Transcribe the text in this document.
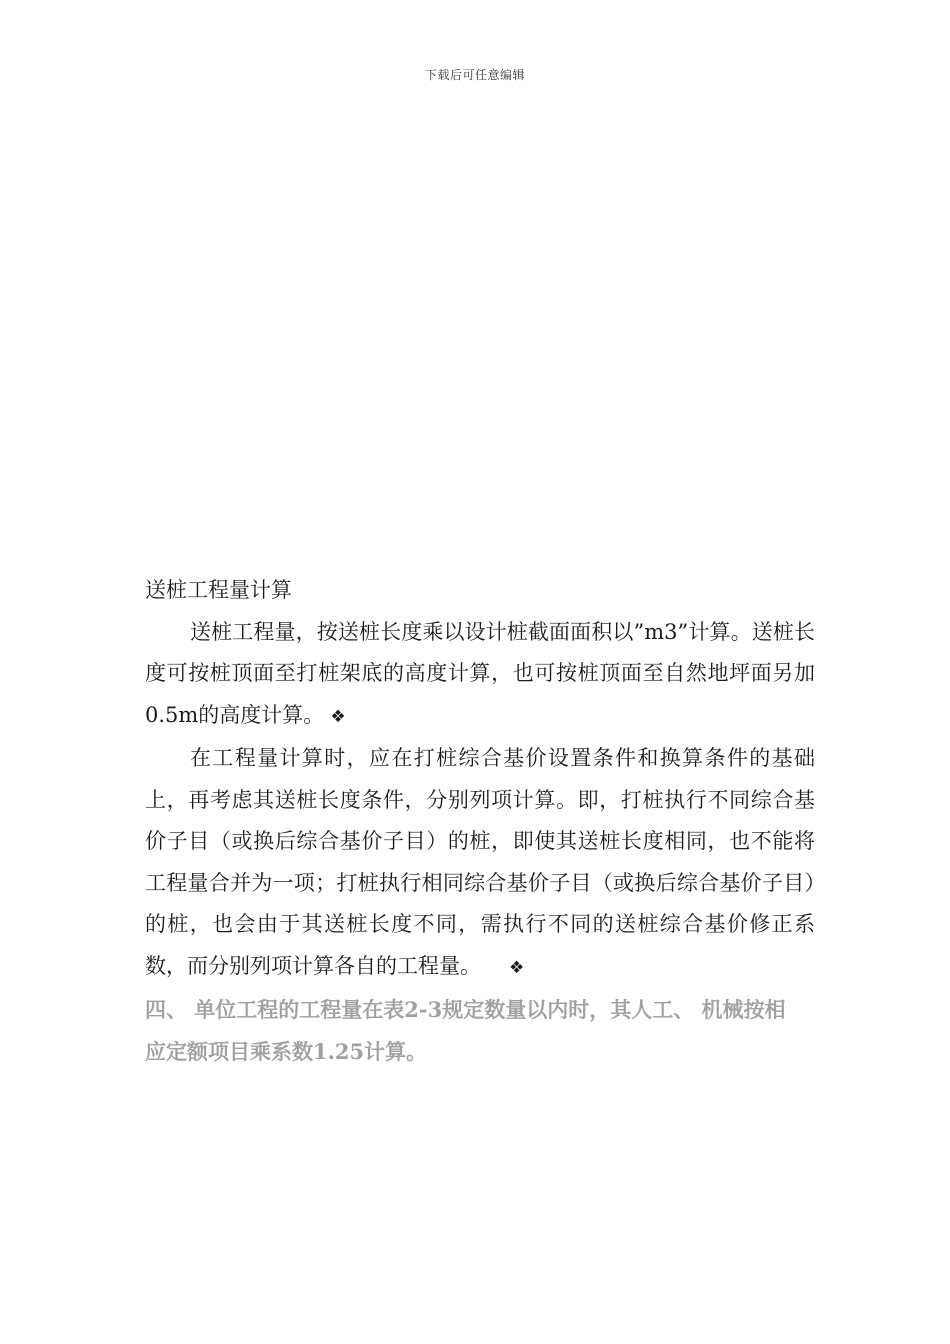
下载后可任意编辑

送桩工程量计算

送桩工程量，按送桩长度乘以设计桩截面面积以”m3”计算。送桩长度可按桩顶面至打桩架底的高度计算，也可按桩顶面至自然地坪面另加0.5m的高度计算。 ❖

在工程量计算时，应在打桩综合基价设置条件和换算条件的基础上，再考虑其送桩长度条件，分别列项计算。即，打桩执行不同综合基价子目（或换后综合基价子目）的桩，即使其送桩长度相同，也不能将工程量合并为一项；打桩执行相同综合基价子目（或换后综合基价子目）的桩，也会由于其送桩长度不同，需执行不同的送桩综合基价修正系数，而分别列项计算各自的工程量。 ❖

四、 单位工程的工程量在表2-3规定数量以内时，其人工、 机械按相应定额项目乘系数1.25计算。
